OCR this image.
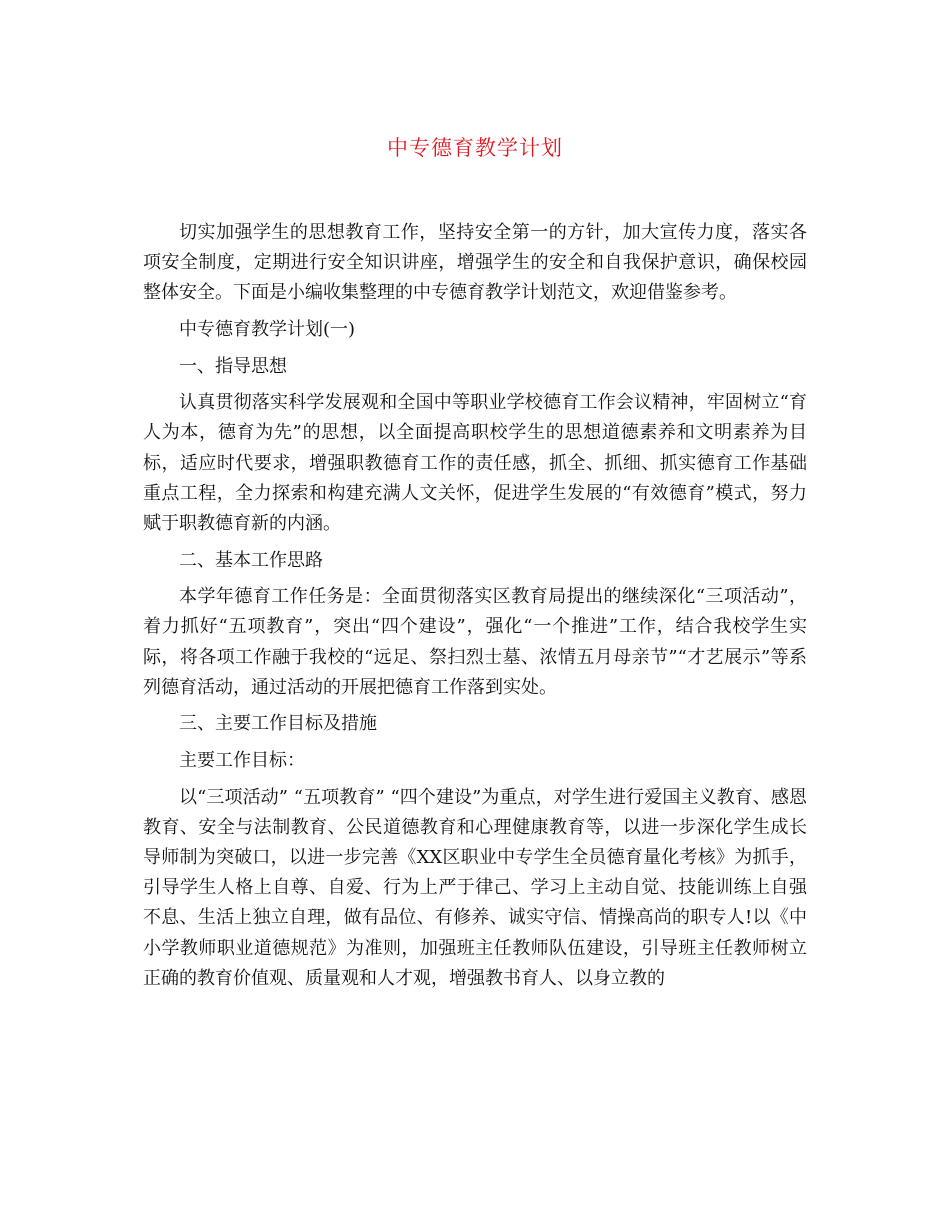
中专德育教学计划

切实加强学生的思想教育工作，坚持安全第一的方针，加大宣传力度，落实各项安全制度，定期进行安全知识讲座，增强学生的安全和自我保护意识，确保校园整体安全。下面是小编收集整理的中专德育教学计划范文，欢迎借鉴参考。

中专德育教学计划(一)

一、指导思想

认真贯彻落实科学发展观和全国中等职业学校德育工作会议精神，牢固树立“育人为本，德育为先”的思想，以全面提高职校学生的思想道德素养和文明素养为目标，适应时代要求，增强职教德育工作的责任感，抓全、抓细、抓实德育工作基础重点工程，全力探索和构建充满人文关怀，促进学生发展的“有效德育”模式，努力赋于职教德育新的内涵。

二、基本工作思路

本学年德育工作任务是：全面贯彻落实区教育局提出的继续深化“三项活动”，着力抓好“五项教育”，突出“四个建设”，强化“一个推进”工作，结合我校学生实际，将各项工作融于我校的“远足、祭扫烈士墓、浓情五月母亲节”“才艺展示”等系列德育活动，通过活动的开展把德育工作落到实处。

三、主要工作目标及措施

主要工作目标：

以“三项活动” “五项教育” “四个建设”为重点，对学生进行爱国主义教育、感恩教育、安全与法制教育、公民道德教育和心理健康教育等，以进一步深化学生成长导师制为突破口，以进一步完善《XX区职业中专学生全员德育量化考核》为抓手，引导学生人格上自尊、自爱、行为上严于律己、学习上主动自觉、技能训练上自强不息、生活上独立自理，做有品位、有修养、诚实守信、情操高尚的职专人!以《中小学教师职业道德规范》为准则，加强班主任教师队伍建设，引导班主任教师树立正确的教育价值观、质量观和人才观，增强教书育人、以身立教的
